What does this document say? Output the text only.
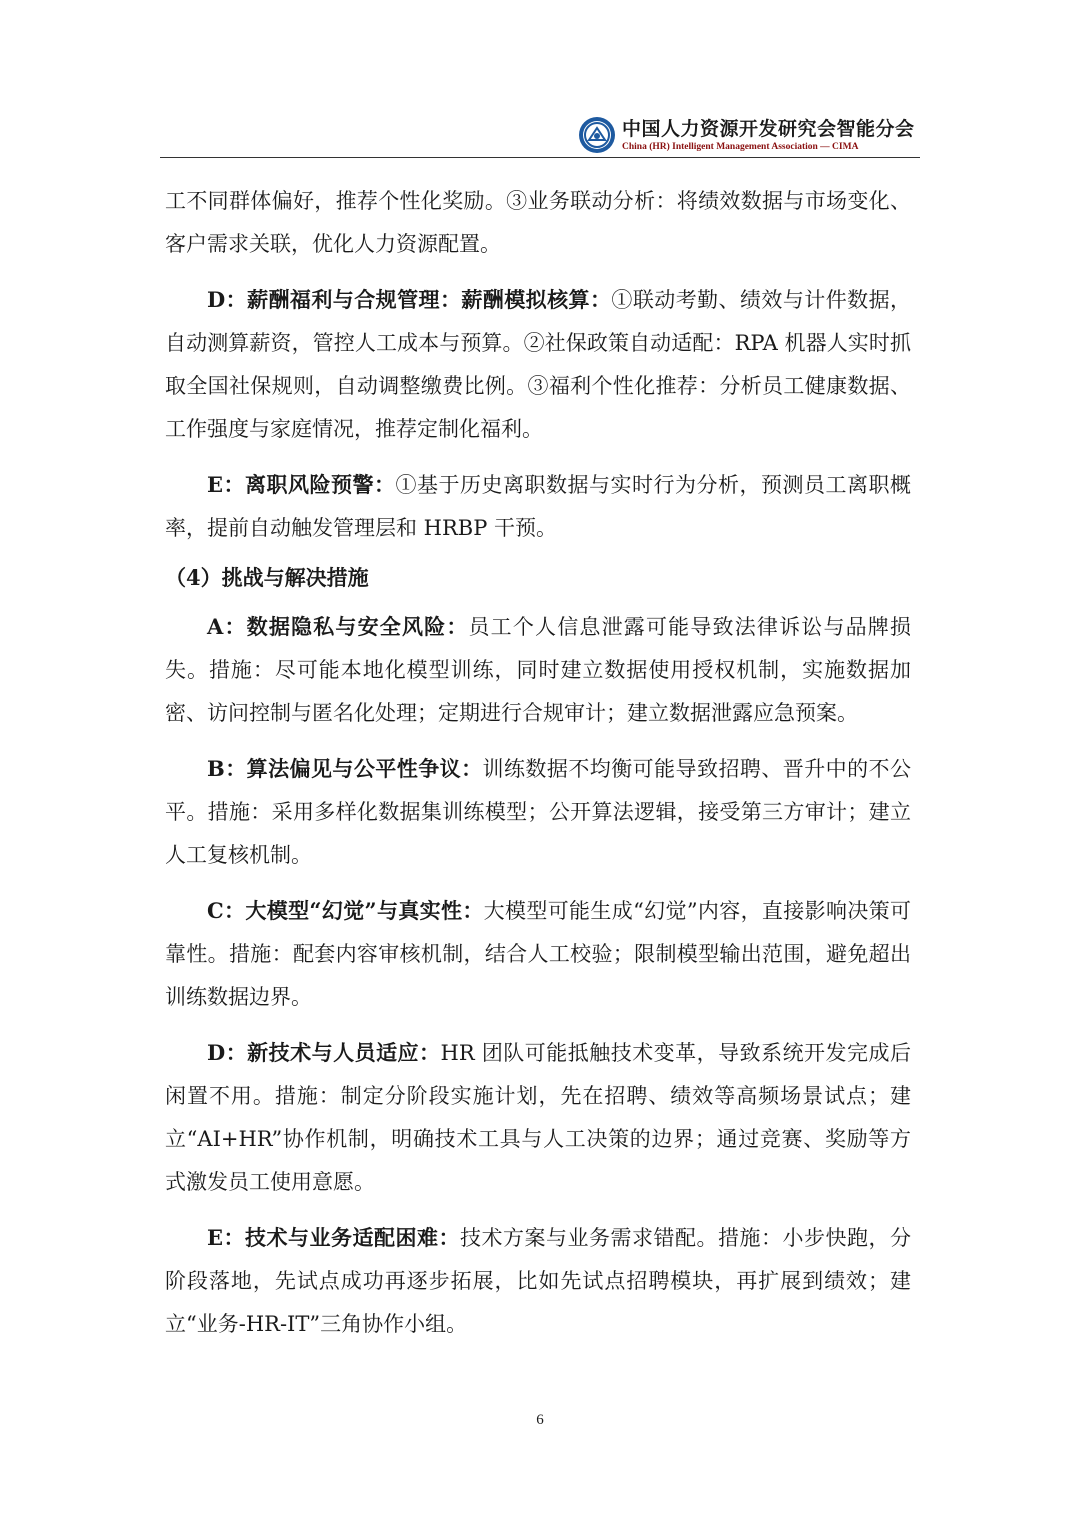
中国人力资源开发研究会智能分会
China (HR) Intelligent Management Association — CIMA

工不同群体偏好，推荐个性化奖励。③业务联动分析：将绩效数据与市场变化、客户需求关联，优化人力资源配置。

D：薪酬福利与合规管理：薪酬模拟核算：①联动考勤、绩效与计件数据，自动测算薪资，管控人工成本与预算。②社保政策自动适配：RPA 机器人实时抓取全国社保规则，自动调整缴费比例。③福利个性化推荐：分析员工健康数据、工作强度与家庭情况，推荐定制化福利。

E：离职风险预警：①基于历史离职数据与实时行为分析，预测员工离职概率，提前自动触发管理层和 HRBP 干预。

（4）挑战与解决措施

A：数据隐私与安全风险：员工个人信息泄露可能导致法律诉讼与品牌损失。措施：尽可能本地化模型训练，同时建立数据使用授权机制，实施数据加密、访问控制与匿名化处理；定期进行合规审计；建立数据泄露应急预案。

B：算法偏见与公平性争议：训练数据不均衡可能导致招聘、晋升中的不公平。措施：采用多样化数据集训练模型；公开算法逻辑，接受第三方审计；建立人工复核机制。

C：大模型“幻觉”与真实性：大模型可能生成“幻觉”内容，直接影响决策可靠性。措施：配套内容审核机制，结合人工校验；限制模型输出范围，避免超出训练数据边界。

D：新技术与人员适应：HR 团队可能抵触技术变革，导致系统开发完成后闲置不用。措施：制定分阶段实施计划，先在招聘、绩效等高频场景试点；建立“AI+HR”协作机制，明确技术工具与人工决策的边界；通过竞赛、奖励等方式激发员工使用意愿。

E：技术与业务适配困难：技术方案与业务需求错配。措施：小步快跑，分阶段落地，先试点成功再逐步拓展，比如先试点招聘模块，再扩展到绩效；建立“业务-HR-IT”三角协作小组。

6
